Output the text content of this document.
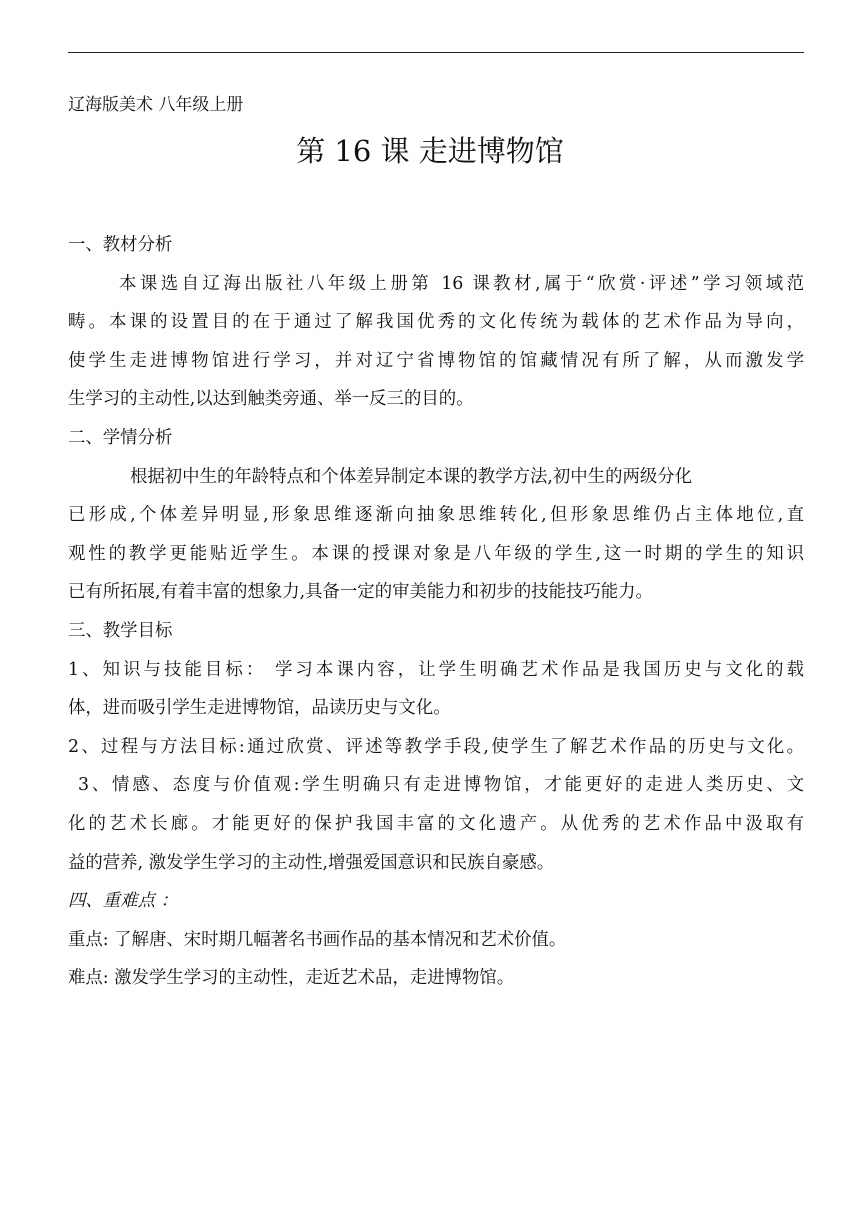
辽海版美术 八年级上册
第 16 课 走进博物馆
一、教材分析
本课选自辽海出版社八年级上册第 16 课教材,属于“欣赏·评述”学习领域范
畴。本课的设置目的在于通过了解我国优秀的文化传统为载体的艺术作品为导向，
使学生走进博物馆进行学习，并对辽宁省博物馆的馆藏情况有所了解，从而激发学
生学习的主动性,以达到触类旁通、举一反三的目的。
二、学情分析
根据初中生的年龄特点和个体差异制定本课的教学方法,初中生的两级分化
已形成,个体差异明显,形象思维逐渐向抽象思维转化,但形象思维仍占主体地位,直
观性的教学更能贴近学生。本课的授课对象是八年级的学生,这一时期的学生的知识
已有所拓展,有着丰富的想象力,具备一定的审美能力和初步的技能技巧能力。
三、教学目标
1、知识与技能目标： 学习本课内容，让学生明确艺术作品是我国历史与文化的载
体，进而吸引学生走进博物馆，品读历史与文化。
2、过程与方法目标:通过欣赏、评述等教学手段,使学生了解艺术作品的历史与文化。
3、情感、态度与价值观:学生明确只有走进博物馆，才能更好的走进人类历史、文
化的艺术长廊。才能更好的保护我国丰富的文化遗产。从优秀的艺术作品中汲取有
益的营养, 激发学生学习的主动性,增强爱国意识和民族自豪感。
四、重难点 ：
重点: 了解唐、宋时期几幅著名书画作品的基本情况和艺术价值。
难点: 激发学生学习的主动性，走近艺术品，走进博物馆。
